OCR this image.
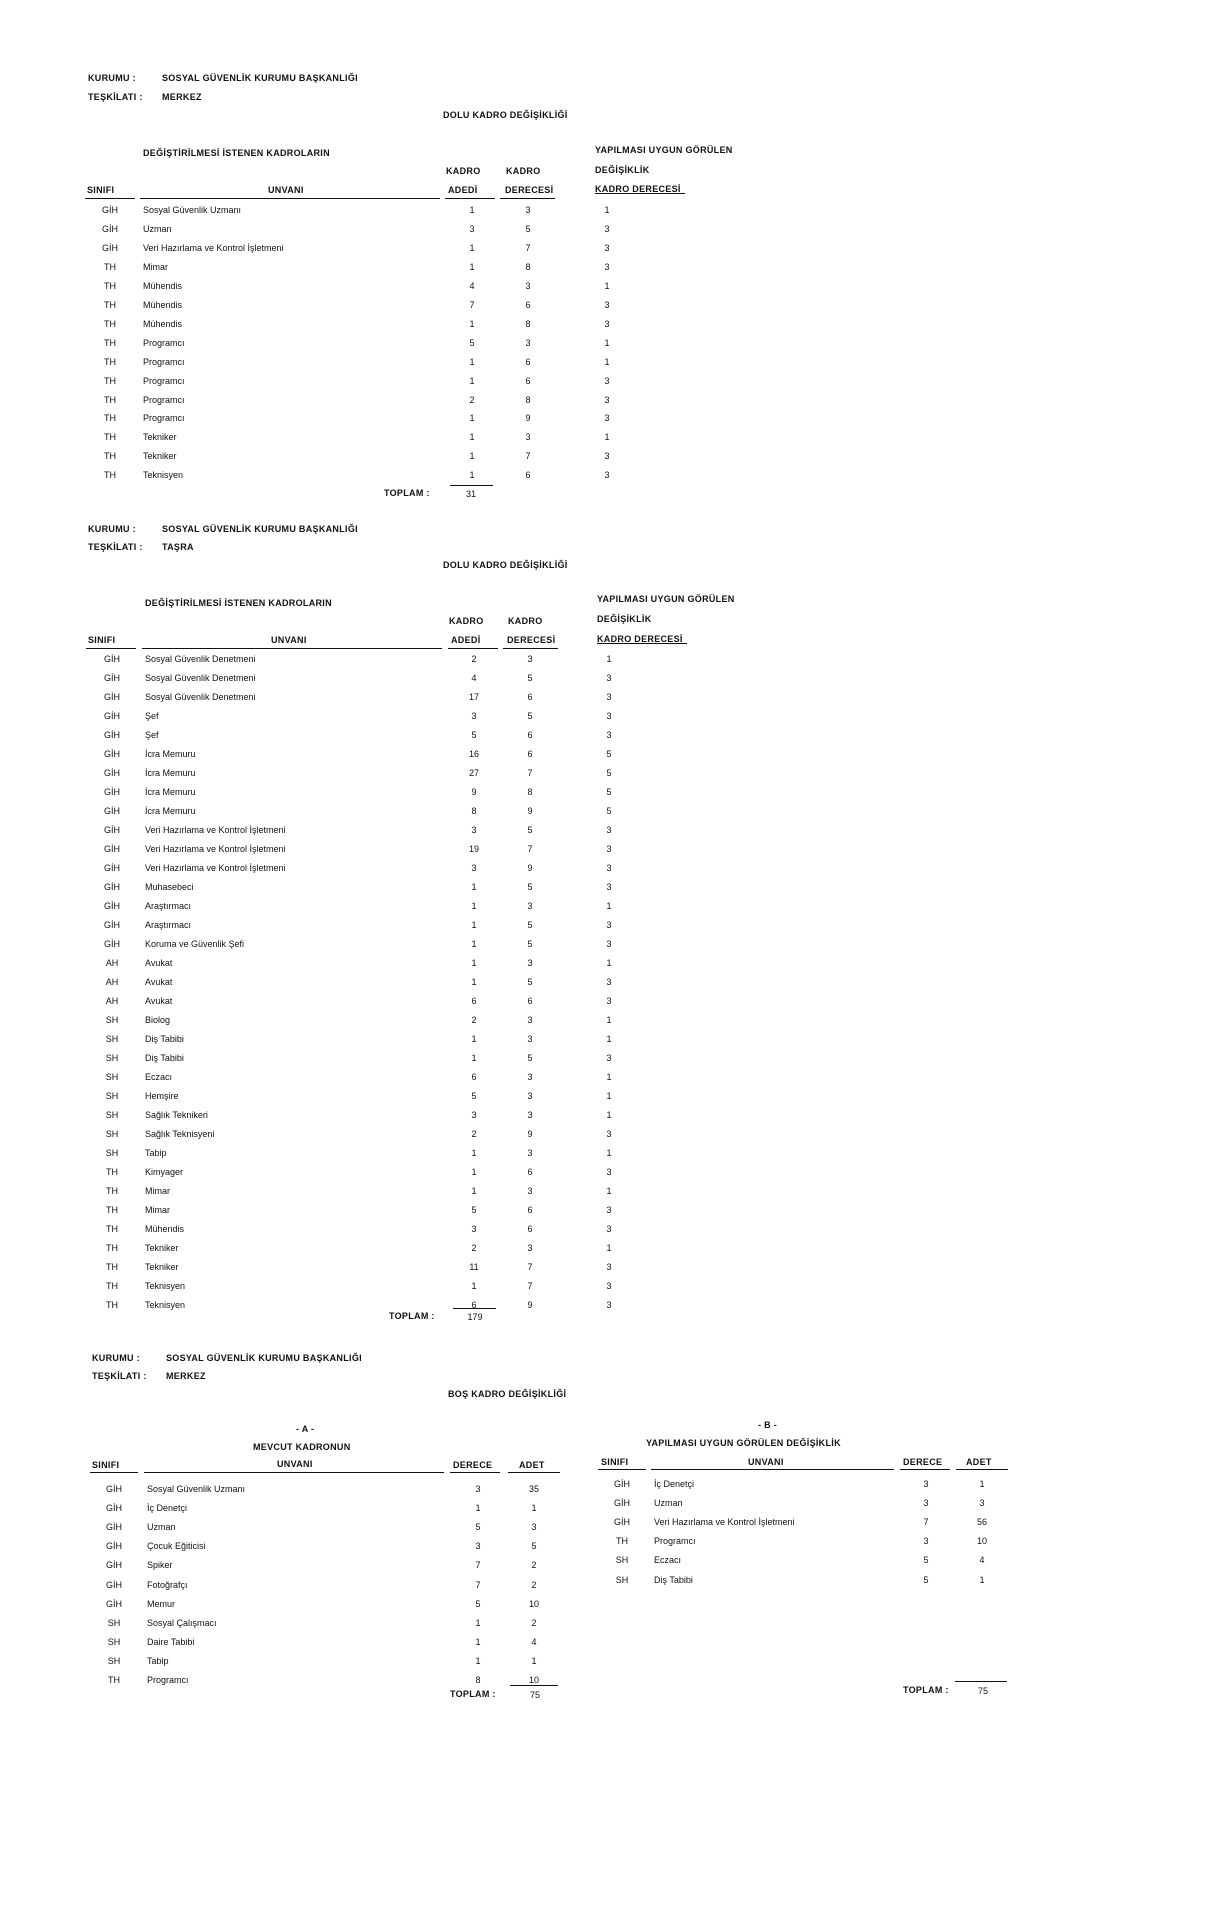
KURUMU :	SOSYAL GÜVENLİK KURUMU BAŞKANLIĞI
TEŞKİLATI : MERKEZ
DOLU KADRO DEĞİŞİKLİĞİ
DEĞİŞTİRİLMESİ İSTENEN KADROLARIN	YAPILMASI UYGUN GÖRÜLEN
KADRO	KADRO	DEĞİŞİKLİK
SINIFI	UNVANI	ADEDİ	DERECESİ	KADRO DERECESİ
GİH	Sosyal Güvenlik Uzmanı	1	3	1
GİH	Uzman	3	5	3
GİH	Veri Hazırlama ve Kontrol İşletmeni	1	7	3
TH	Mimar	1	8	3
TH	Mühendis	4	3	1
TH	Mühendis	7	6	3
TH	Mühendis	1	8	3
TH	Programcı	5	3	1
TH	Programcı	1	6	1
TH	Programcı	1	6	3
TH	Programcı	2	8	3
TH	Programcı	1	9	3
TH	Tekniker	1	3	1
TH	Tekniker	1	7	3
TH	Teknisyen	1	6	3
TOPLAM :	31
KURUMU :	SOSYAL GÜVENLİK KURUMU BAŞKANLIĞI
TEŞKİLATI : TAŞRA
DOLU KADRO DEĞİŞİKLİĞİ
DEĞİŞTİRİLMESİ İSTENEN KADROLARIN	YAPILMASI UYGUN GÖRÜLEN
KADRO	KADRO	DEĞİŞİKLİK
SINIFI	UNVANI	ADEDİ	DERECESİ	KADRO DERECESİ
GİH	Sosyal Güvenlik Denetmeni	2	3	1
GİH	Sosyal Güvenlik Denetmeni	4	5	3
GİH	Sosyal Güvenlik Denetmeni	17	6	3
GİH	Şef	3	5	3
GİH	Şef	5	6	3
GİH	İcra Memuru	16	6	5
GİH	İcra Memuru	27	7	5
GİH	İcra Memuru	9	8	5
GİH	İcra Memuru	8	9	5
GİH	Veri Hazırlama ve Kontrol İşletmeni	3	5	3
GİH	Veri Hazırlama ve Kontrol İşletmeni	19	7	3
GİH	Veri Hazırlama ve Kontrol İşletmeni	3	9	3
GİH	Muhasebeci	1	5	3
GİH	Araştırmacı	1	3	1
GİH	Araştırmacı	1	5	3
GİH	Koruma ve Güvenlik Şefi	1	5	3
AH	Avukat	1	3	1
AH	Avukat	1	5	3
AH	Avukat	6	6	3
SH	Biolog	2	3	1
SH	Diş Tabibi	1	3	1
SH	Diş Tabibi	1	5	3
SH	Eczacı	6	3	1
SH	Hemşire	5	3	1
SH	Sağlık Teknikeri	3	3	1
SH	Sağlık Teknisyeni	2	9	3
SH	Tabip	1	3	1
TH	Kimyager	1	6	3
TH	Mimar	1	3	1
TH	Mimar	5	6	3
TH	Mühendis	3	6	3
TH	Tekniker	2	3	1
TH	Tekniker	11	7	3
TH	Teknisyen	1	7	3
TH	Teknisyen	6	9	3
TOPLAM :	179
KURUMU :	SOSYAL GÜVENLİK KURUMU BAŞKANLIĞI
TEŞKİLATI : MERKEZ
BOŞ KADRO DEĞİŞİKLİĞİ
- A -
MEVCUT KADRONUN
SINIFI	UNVANI	DERECE	ADET
GİH	Sosyal Güvenlik Uzmanı	3	35
GİH	İç Denetçi	1	1
GİH	Uzman	5	3
GİH	Çocuk Eğiticisi	3	5
GİH	Spiker	7	2
GİH	Fotoğrafçı	7	2
GİH	Memur	5	10
SH	Sosyal Çalışmacı	1	2
SH	Daire Tabibi	1	4
SH	Tabip	1	1
TH	Programcı	8	10
TOPLAM :	75
- B -
YAPILMASI UYGUN GÖRÜLEN DEĞİŞİKLİK
SINIFI	UNVANI	DERECE	ADET
GİH	İç Denetçi	3	1
GİH	Uzman	3	3
GİH	Veri Hazırlama ve Kontrol İşletmeni	7	56
TH	Programcı	3	10
SH	Eczacı	5	4
SH	Diş Tabibi	5	1
TOPLAM :	75
